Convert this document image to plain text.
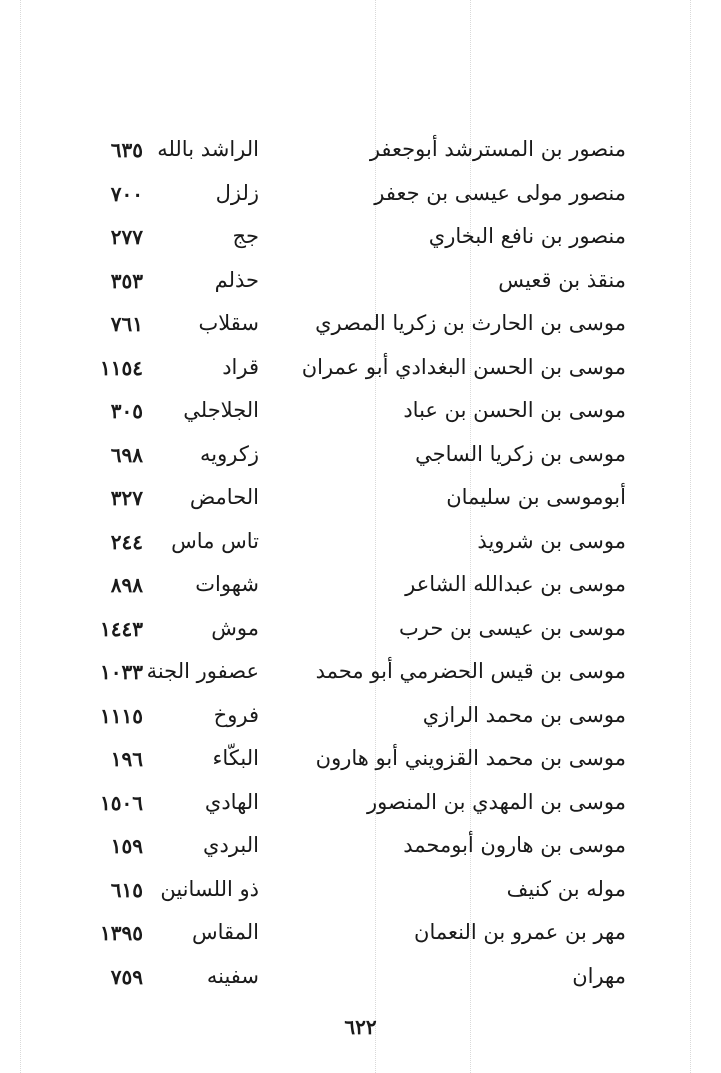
منصور بن المسترشد أبوجعفر
الراشد بالله
٦٣٥
منصور مولى عيسى بن جعفر
زلزل
٧٠٠
منصور بن نافع البخاري
جج
٢٧٧
منقذ بن قعيس
حذلم
٣٥٣
موسى بن الحارث بن زكريا المصري
سقلاب
٧٦١
موسى بن الحسن البغدادي أبو عمران
قراد
١١٥٤
موسى بن الحسن بن عباد
الجلاجلي
٣٠٥
موسى بن زكريا الساجي
زكرويه
٦٩٨
أبوموسى بن سليمان
الحامض
٣٢٧
موسى بن شرويذ
تاس ماس
٢٤٤
موسى بن عبدالله الشاعر
شهوات
٨٩٨
موسى بن عيسى بن حرب
موش
١٤٤٣
موسى بن قيس الحضرمي أبو محمد
عصفور الجنة
١٠٣٣
موسى بن محمد الرازي
فروخ
١١١٥
موسى بن محمد القزويني أبو هارون
البكّاء
١٩٦
موسى بن المهدي بن المنصور
الهادي
١٥٠٦
موسى بن هارون أبومحمد
البردي
١٥٩
موله بن كنيف
ذو اللسانين
٦١٥
مهر بن عمرو بن النعمان
المقاس
١٣٩٥
مهران
سفينه
٧٥٩
٦٢٢
